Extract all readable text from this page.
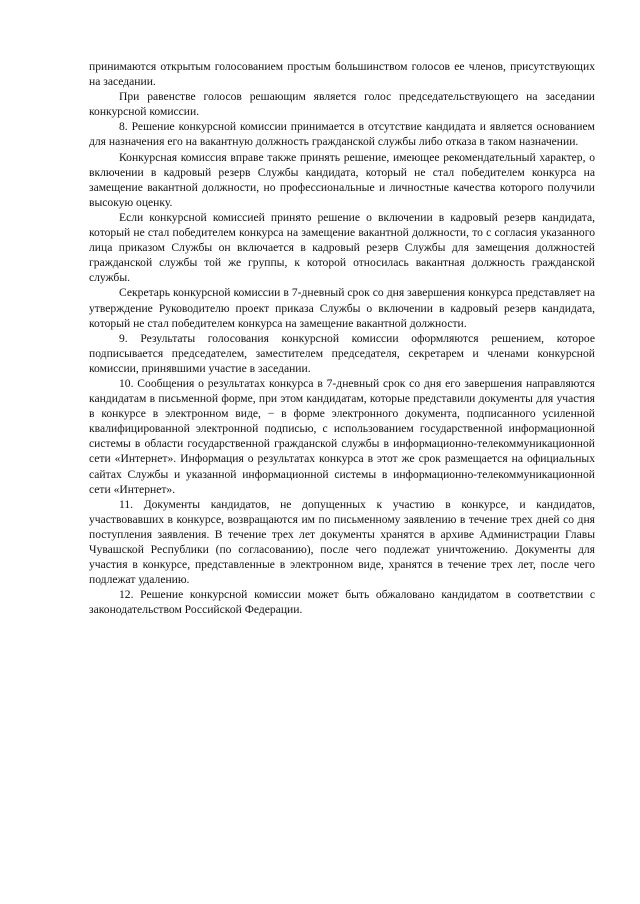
принимаются открытым голосованием простым большинством голосов ее членов, присутствующих на заседании.

При равенстве голосов решающим является голос председательствующего на заседании конкурсной комиссии.

8. Решение конкурсной комиссии принимается в отсутствие кандидата и является основанием для назначения его на вакантную должность гражданской службы либо отказа в таком назначении.

Конкурсная комиссия вправе также принять решение, имеющее рекомендательный характер, о включении в кадровый резерв Службы кандидата, который не стал победителем конкурса на замещение вакантной должности, но профессиональные и личностные качества которого получили высокую оценку.

Если конкурсной комиссией принято решение о включении в кадровый резерв кандидата, который не стал победителем конкурса на замещение вакантной должности, то с согласия указанного лица приказом Службы он включается в кадровый резерв Службы для замещения должностей гражданской службы той же группы, к которой относилась вакантная должность гражданской службы.

Секретарь конкурсной комиссии в 7-дневный срок со дня завершения конкурса представляет на утверждение Руководителю проект приказа Службы о включении в кадровый резерв кандидата, который не стал победителем конкурса на замещение вакантной должности.

9. Результаты голосования конкурсной комиссии оформляются решением, которое подписывается председателем, заместителем председателя, секретарем и членами конкурсной комиссии, принявшими участие в заседании.

10. Сообщения о результатах конкурса в 7-дневный срок со дня его завершения направляются кандидатам в письменной форме, при этом кандидатам, которые представили документы для участия в конкурсе в электронном виде, − в форме электронного документа, подписанного усиленной квалифицированной электронной подписью, с использованием государственной информационной системы в области государственной гражданской службы в информационно-телекоммуникационной сети «Интернет». Информация о результатах конкурса в этот же срок размещается на официальных сайтах Службы и указанной информационной системы в информационно-телекоммуникационной сети «Интернет».

11. Документы кандидатов, не допущенных к участию в конкурсе, и кандидатов, участвовавших в конкурсе, возвращаются им по письменному заявлению в течение трех дней со дня поступления заявления. В течение трех лет документы хранятся в архиве Администрации Главы Чувашской Республики (по согласованию), после чего подлежат уничтожению. Документы для участия в конкурсе, представленные в электронном виде, хранятся в течение трех лет, после чего подлежат удалению.

12. Решение конкурсной комиссии может быть обжаловано кандидатом в соответствии с законодательством Российской Федерации.
